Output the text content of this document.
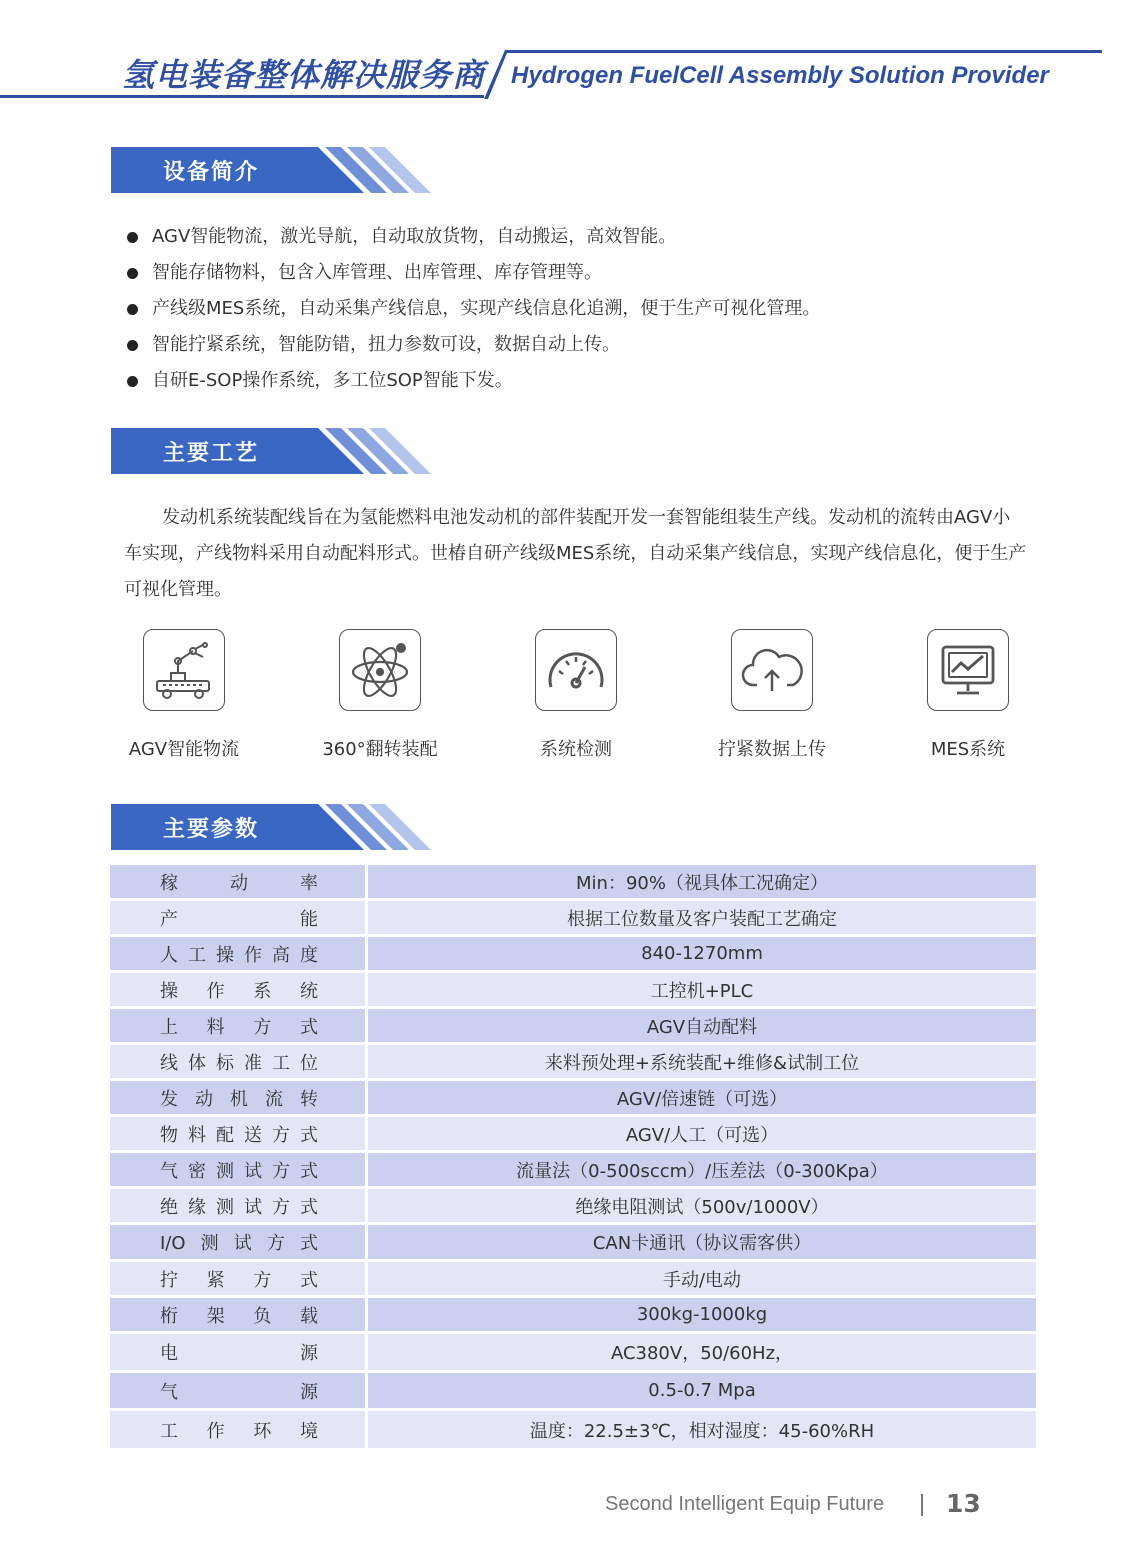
氢电装备整体解决服务商 Hydrogen FuelCell Assembly Solution Provider
设备简介
AGV智能物流，激光导航，自动取放货物，自动搬运，高效智能。
智能存储物料，包含入库管理、出库管理、库存管理等。
产线级MES系统，自动采集产线信息，实现产线信息化追溯，便于生产可视化管理。
智能拧紧系统，智能防错，扭力参数可设，数据自动上传。
自研E-SOP操作系统，多工位SOP智能下发。
主要工艺

发动机系统装配线旨在为氢能燃料电池发动机的部件装配开发一套智能组装生产线。发动机的流转由AGV小车实现，产线物料采用自动配料形式。世椿自研产线级MES系统，自动采集产线信息，实现产线信息化，便于生产可视化管理。

AGV智能物流	360°翻转装配	系统检测	拧紧数据上传	MES系统
主要参数
稼动率	Min：90%（视具体工况确定）

产能	根据工位数量及客户装配工艺确定

人工操作高度	840-1270mm

操作系统	工控机+PLC

上料方式	AGV自动配料

线体标准工位	来料预处理+系统装配+维修&试制工位

发动机流转	AGV/倍速链（可选）

物料配送方式	AGV/人工（可选）

气密测试方式	流量法（0-500sccm）/压差法（0-300Kpa）

绝缘测试方式	绝缘电阻测试（500v/1000V）

I/O测试方式	CAN卡通讯（协议需客供）

拧紧方式	手动/电动

桁架负载	300kg-1000kg

电源	AC380V，50/60Hz，

气源	0.5-0.7 Mpa

工作环境	温度：22.5±3℃，相对湿度：45-60%RH
Second Intelligent Equip Future 13
